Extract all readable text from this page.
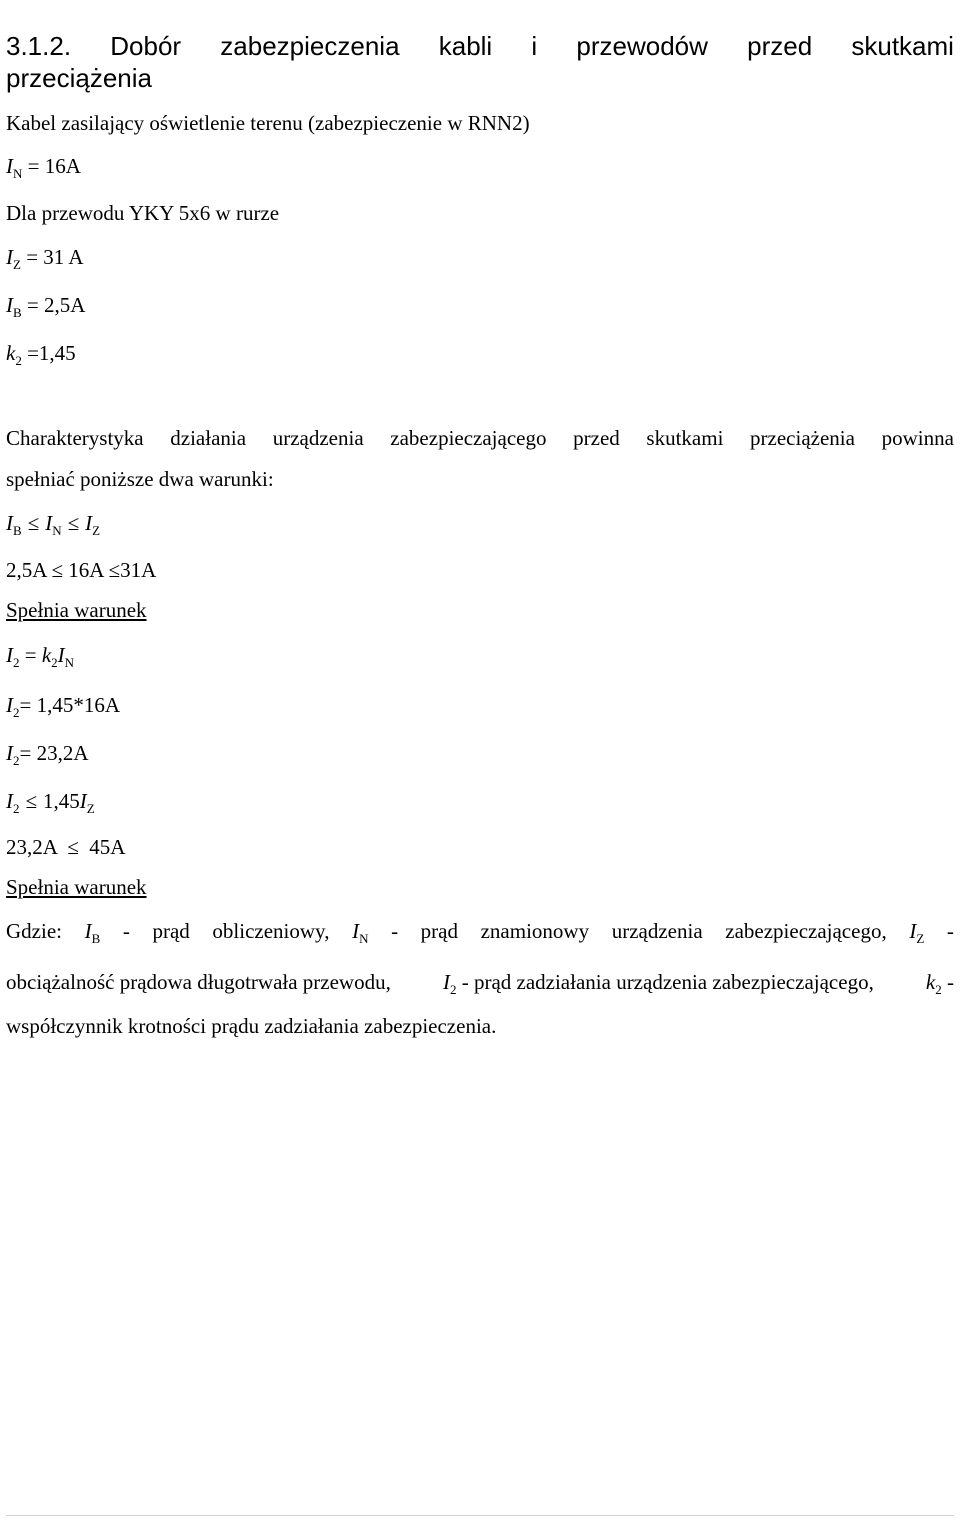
3.1.2. Dobór zabezpieczenia kabli i przewodów przed skutkami
przeciążenia
Kabel zasilający oświetlenie terenu (zabezpieczenie w RNN2)
$I_N = 16A$
Dla przewodu YKY 5x6 w rurze
$I_Z = 31$ A
$I_B = 2,5A$
$k_2 =1,45$
Charakterystyka działania urządzenia zabezpieczającego przed skutkami przeciążenia powinna
spełniać poniższe dwa warunki:
$I_B \le I_N \le I_Z$
2,5A ≤ 16A ≤31A
Spełnia warunek
$I_2 = k_2I_N$
$I_2= 1,45*16A$
$I_2= 23,2A$
$I_2 \le 1,45I_Z$
23,2A  ≤  45A
Spełnia warunek
Gdzie: $I_B$ - prąd obliczeniowy, $I_N$ - prąd znamionowy urządzenia zabezpieczającego, $I_Z$ -
obciążalność prądowa długotrwała przewodu, $I_2$ - prąd zadziałania urządzenia zabezpieczającego, $k_2$ -
współczynnik krotności prądu zadziałania zabezpieczenia.
